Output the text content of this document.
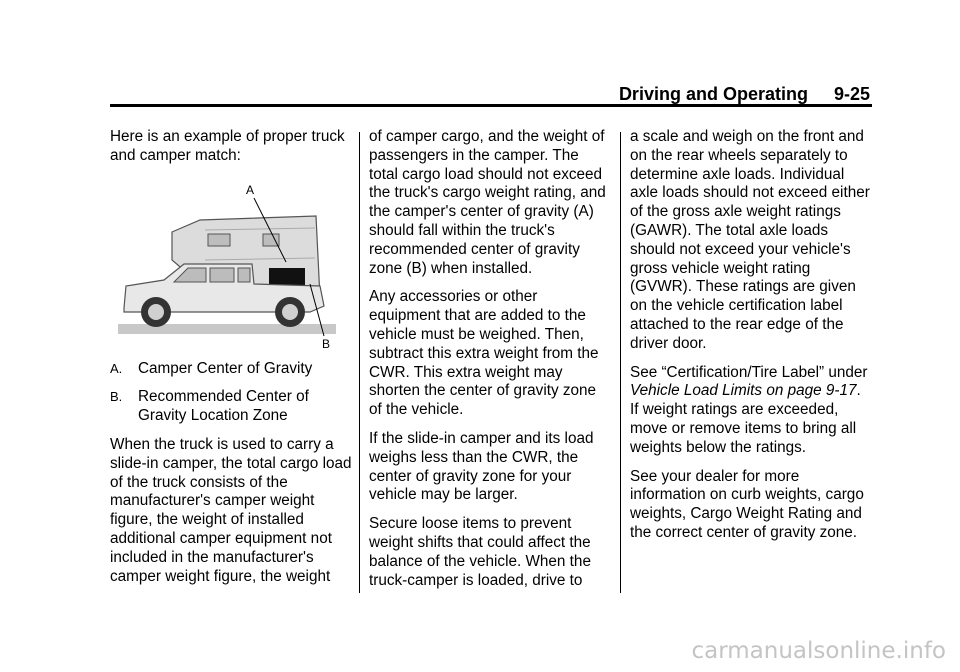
Driving and Operating 9-25

Here is an example of proper truck and camper match:

A
B

A. Camper Center of Gravity

B. Recommended Center of Gravity Location Zone

When the truck is used to carry a slide-in camper, the total cargo load of the truck consists of the manufacturer's camper weight figure, the weight of installed additional camper equipment not included in the manufacturer's camper weight figure, the weight

of camper cargo, and the weight of passengers in the camper. The total cargo load should not exceed the truck's cargo weight rating, and the camper's center of gravity (A) should fall within the truck's recommended center of gravity zone (B) when installed.

Any accessories or other equipment that are added to the vehicle must be weighed. Then, subtract this extra weight from the CWR. This extra weight may shorten the center of gravity zone of the vehicle.

If the slide-in camper and its load weighs less than the CWR, the center of gravity zone for your vehicle may be larger.

Secure loose items to prevent weight shifts that could affect the balance of the vehicle. When the truck-camper is loaded, drive to

a scale and weigh on the front and on the rear wheels separately to determine axle loads. Individual axle loads should not exceed either of the gross axle weight ratings (GAWR). The total axle loads should not exceed your vehicle's gross vehicle weight rating (GVWR). These ratings are given on the vehicle certification label attached to the rear edge of the driver door.

See “Certification/Tire Label” under Vehicle Load Limits on page 9-17. If weight ratings are exceeded, move or remove items to bring all weights below the ratings.

See your dealer for more information on curb weights, cargo weights, Cargo Weight Rating and the correct center of gravity zone.

carmanualsonline.info
